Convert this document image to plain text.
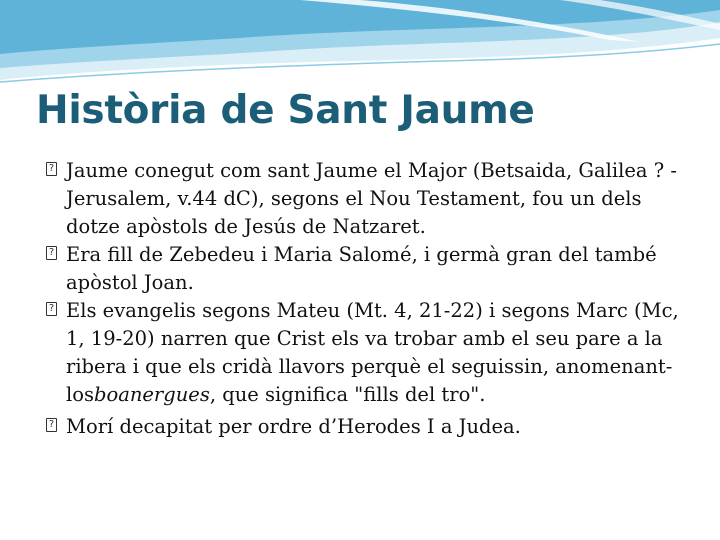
Història de Sant Jaume

? Jaume conegut com sant Jaume el Major (Betsaida, Galilea ? - Jerusalem, v.44 dC), segons el Nou Testament, fou un dels dotze apòstols de Jesús de Natzaret.

? Era fill de Zebedeu i Maria Salomé, i germà gran del també apòstol Joan.

? Els evangelis segons Mateu (Mt. 4, 21-22) i segons Marc (Mc, 1, 19-20) narren que Crist els va trobar amb el seu pare a la ribera i que els cridà llavors perquè el seguissin, anomenant-losboanergues, que significa "fills del tro".

? Morí decapitat per ordre d’Herodes I a Judea.
